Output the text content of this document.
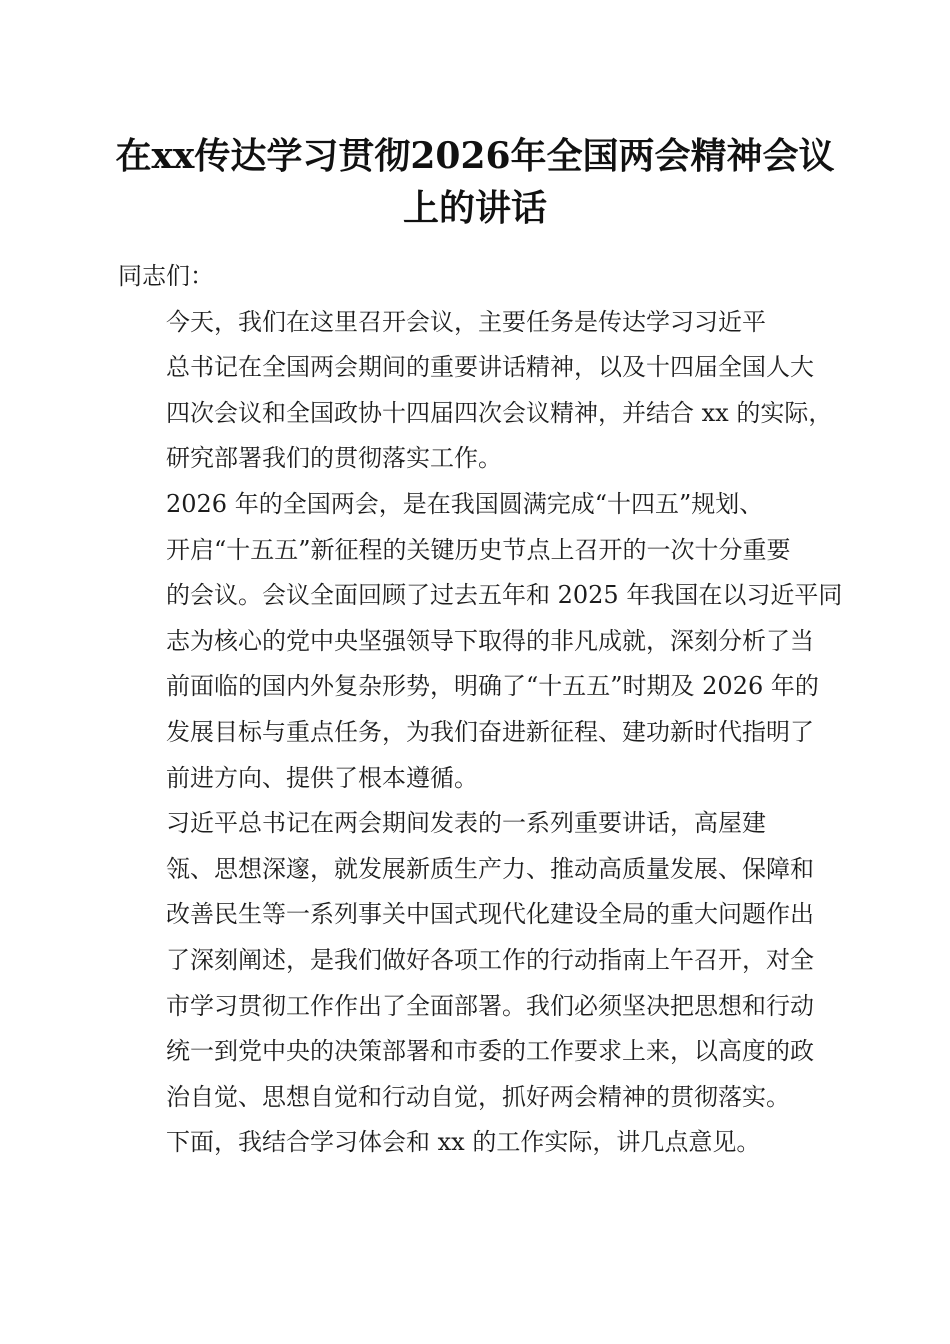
在xx传达学习贯彻2026年全国两会精神会议
上的讲话

同志们：

今天，我们在这里召开会议，主要任务是传达学习习近平
总书记在全国两会期间的重要讲话精神，以及十四届全国人大
四次会议和全国政协十四届四次会议精神，并结合 xx 的实际，
研究部署我们的贯彻落实工作。

2026 年的全国两会，是在我国圆满完成“十四五”规划、
开启“十五五”新征程的关键历史节点上召开的一次十分重要
的会议。会议全面回顾了过去五年和 2025 年我国在以习近平同
志为核心的党中央坚强领导下取得的非凡成就，深刻分析了当
前面临的国内外复杂形势，明确了“十五五”时期及 2026 年的
发展目标与重点任务，为我们奋进新征程、建功新时代指明了
前进方向、提供了根本遵循。

习近平总书记在两会期间发表的一系列重要讲话，高屋建
瓴、思想深邃，就发展新质生产力、推动高质量发展、保障和
改善民生等一系列事关中国式现代化建设全局的重大问题作出
了深刻阐述，是我们做好各项工作的行动指南上午召开，对全
市学习贯彻工作作出了全面部署。我们必须坚决把思想和行动
统一到党中央的决策部署和市委的工作要求上来，以高度的政
治自觉、思想自觉和行动自觉，抓好两会精神的贯彻落实。

下面，我结合学习体会和 xx 的工作实际，讲几点意见。
